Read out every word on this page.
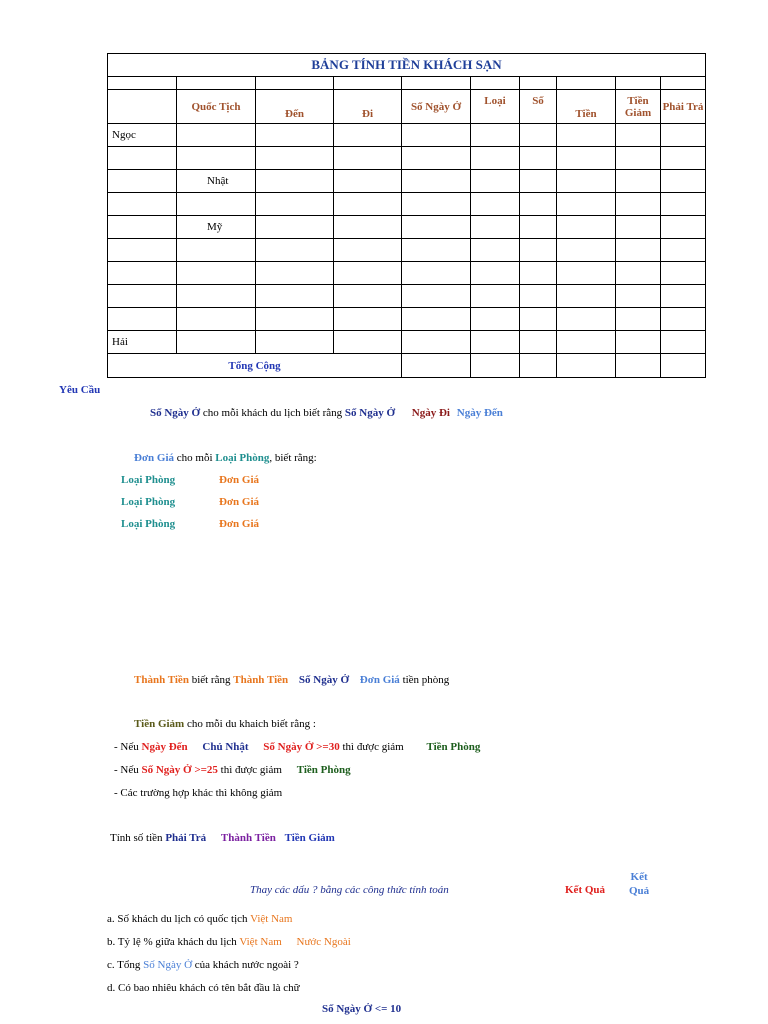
BẢNG TÍNH TIỀN KHÁCH SẠN									

	Quốc Tịch	Đến	Đi	Số Ngày Ở	Loại	Số	Tiền	Tiền Giảm	Phải Trả
Ngọc									

	Nhật								

	Mỹ								

Hải									
Tổng Cộng									
Yêu Cầu
Số Ngày Ở cho mỗi khách du lịch biết rằng Số Ngày Ở Ngày Đi Ngày Đến
Đơn Giá cho mỗi Loại Phòng, biết rằng:
Loại Phòng	Đơn Giá
Loại Phòng	Đơn Giá
Loại Phòng	Đơn Giá
Thành Tiền biết rằng Thành Tiền Số Ngày Ở Đơn Giá tiền phòng
Tiền Giảm cho mỗi du khaich biết rằng :
- Nếu Ngày Đến Chủ Nhật Số Ngày Ở >=30 thì được giảm Tiền Phòng
- Nếu Số Ngày Ở >=25 thì được giảm Tiền Phòng
- Các trường hợp khác thì không giảm
Tính số tiền Phải Trả Thành Tiền Tiền Giảm
Thay các dấu ? bằng các công thức tính toán	Kết Quả
Kết
Quả
a. Số khách du lịch có quốc tịch Việt Nam
b. Tỷ lệ % giữa khách du lịch Việt Nam Nước Ngoài
c. Tổng Số Ngày Ở của khách nước ngoài ?
d. Có bao nhiêu khách có tên bắt đầu là chữ
Số Ngày Ở <= 10
